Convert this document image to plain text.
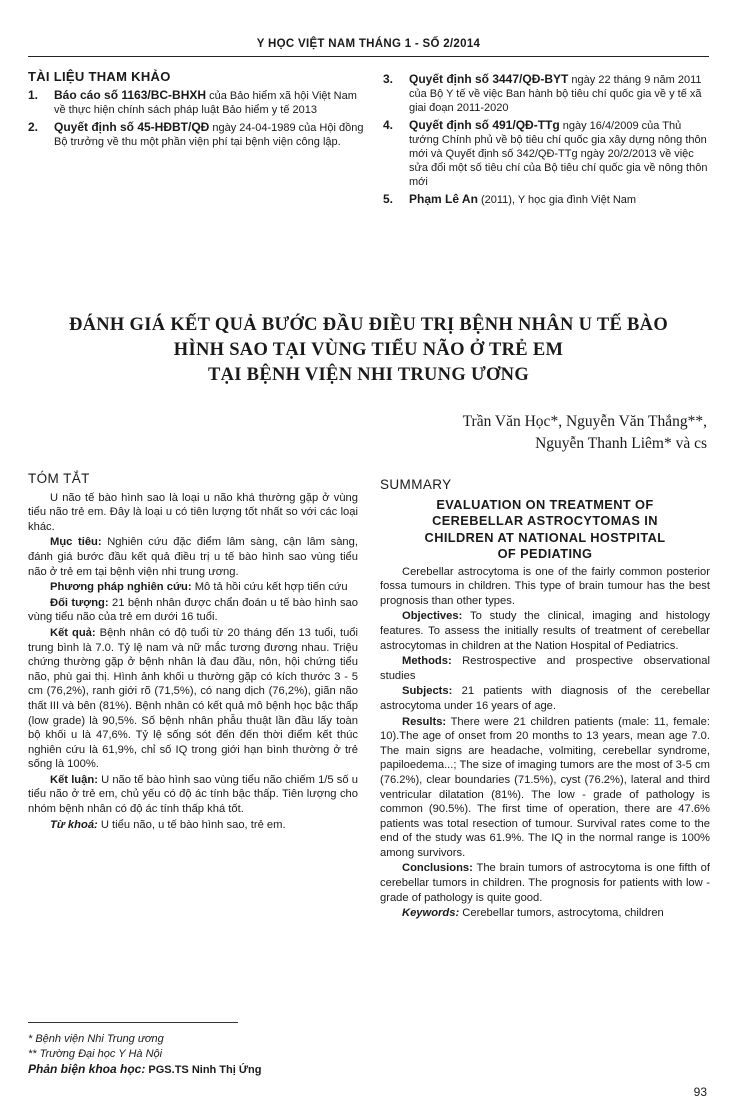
Y HỌC VIỆT NAM THÁNG 1 - SỐ 2/2014
TÀI LIỆU THAM KHẢO
1.	Báo cáo số 1163/BC-BHXH của Bảo hiểm xã hội Việt Nam về thực hiện chính sách pháp luật Bảo hiểm y tế 2013
2.	Quyết định số 45-HĐBT/QĐ ngày 24-04-1989 của Hội đồng Bộ trưởng về thu một phần viện phí tại bệnh viện công lập.
3.	Quyết định số 3447/QĐ-BYT ngày 22 tháng 9 năm 2011 của Bộ Y tế về việc Ban hành bộ tiêu chí quốc gia về y tế xã giai đoạn 2011-2020
4.	Quyết định số 491/QĐ-TTg ngày 16/4/2009 của Thủ tướng Chính phủ về bộ tiêu chí quốc gia xây dựng nông thôn mới và Quyết định số 342/QĐ-TTg ngày 20/2/2013 về việc sửa đổi một số tiêu chí của Bộ tiêu chí quốc gia về nông thôn mới
5.	Phạm Lê An (2011), Y học gia đình Việt Nam
ĐÁNH GIÁ KẾT QUẢ BƯỚC ĐẦU ĐIỀU TRỊ BỆNH NHÂN U TẾ BÀO
HÌNH SAO TẠI VÙNG TIỂU NÃO Ở TRẺ EM
TẠI BỆNH VIỆN NHI TRUNG ƯƠNG
Trần Văn Học*, Nguyễn Văn Thắng**,
Nguyễn Thanh Liêm* và cs
TÓM TẮT

U não tế bào hình sao là loại u não khá thường gặp ở vùng tiểu não trẻ em. Đây là loại u có tiên lượng tốt nhất so với các loại khác.

Mục tiêu: Nghiên cứu đặc điểm lâm sàng, cận lâm sàng, đánh giá bước đầu kết quả điều trị u tế bào hình sao vùng tiểu não ở trẻ em tại bệnh viện nhi trung ương.

Phương pháp nghiên cứu: Mô tả hồi cứu kết hợp tiến cứu

Đối tượng: 21 bệnh nhân được chẩn đoán u tế bào hình sao vùng tiểu não của trẻ em dưới 16 tuổi.

Kết quả: Bệnh nhân có độ tuổi từ 20 tháng đến 13 tuổi, tuổi trung bình là 7.0. Tỷ lệ nam và nữ mắc tương đương nhau. Triệu chứng thường gặp ở bệnh nhân là đau đầu, nôn, hội chứng tiểu não, phù gai thị. Hình ảnh khối u thường gặp có kích thước 3 - 5 cm (76,2%), ranh giới rõ (71,5%), có nang dịch (76,2%), giãn não thất III và bên (81%). Bệnh nhân có kết quả mô bệnh học bậc thấp (low grade) là 90,5%. Số bệnh nhân phẫu thuật lần đầu lấy toàn bộ khối u là 47,6%. Tỷ lệ sống sót đến đến thời điểm kết thúc nghiên cứu là 61,9%, chỉ số IQ trong giới hạn bình thường ở trẻ sống là 100%.

Kết luận: U não tế bào hình sao vùng tiểu não chiếm 1/5 số u tiểu não ở trẻ em, chủ yếu có độ ác tính bậc thấp. Tiên lượng cho nhóm bệnh nhân có độ ác tính thấp khá tốt.

Từ khoá: U tiểu não, u tế bào hình sao, trẻ em.

SUMMARY
EVALUATION ON TREATMENT OF
CEREBELLAR ASTROCYTOMAS IN
CHILDREN AT NATIONAL HOSTPITAL
OF PEDIATING

Cerebellar astrocytoma is one of the fairly common posterior fossa tumours in children. This type of brain tumour has the best prognosis than other types.

Objectives: To study the clinical, imaging and histology features. To assess the initially results of treatment of cerebellar astrocytomas in children at the Nation Hospital of Pediatrics.

Methods: Restrospective and prospective observational studies

Subjects: 21 patients with diagnosis of the cerebellar astrocytoma under 16 years of age.

Results: There were 21 children patients (male: 11, female: 10).The age of onset from 20 months to 13 years, mean age 7.0. The main signs are headache, volmiting, cerebellar syndrome, papiloedema...; The size of imaging tumors are the most of 3-5 cm (76.2%), clear boundaries (71.5%), cyst (76.2%), lateral and third ventricular dilatation (81%). The low - grade of pathology is common (90.5%). The first time of operation, there are 47.6% patients was total resection of tumour. Survival rates come to the end of the study was 61.9%. The IQ in the normal range is 100% among survivors.

Conclusions: The brain tumors of astrocytoma is one fifth of cerebellar tumors in children. The prognosis for patients with low - grade of pathology is quite good.

Keywords: Cerebellar tumors, astrocytoma, children

* Bệnh viện Nhi Trung ương
** Trường Đại học Y Hà Nội
Phản biện khoa học: PGS.TS Ninh Thị Ứng
93
